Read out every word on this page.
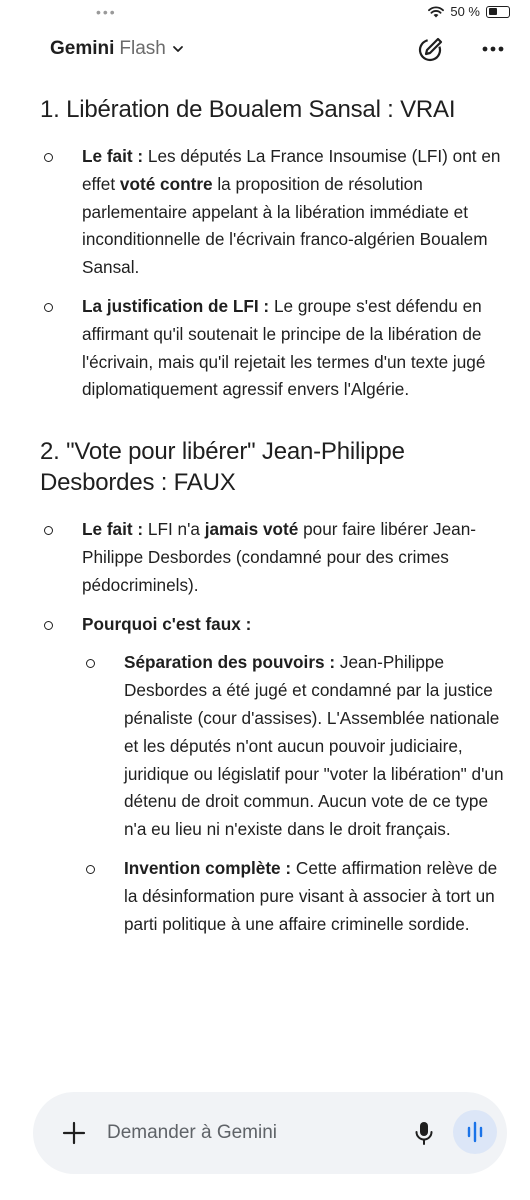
•••	50 %
Gemini Flash
1. Libération de Boualem Sansal : VRAI
Le fait : Les députés La France Insoumise (LFI) ont en effet voté contre la proposition de résolution parlementaire appelant à la libération immédiate et inconditionnelle de l'écrivain franco-algérien Boualem Sansal.
La justification de LFI : Le groupe s'est défendu en affirmant qu'il soutenait le principe de la libération de l'écrivain, mais qu'il rejetait les termes d'un texte jugé diplomatiquement agressif envers l'Algérie.
2. "Vote pour libérer" Jean-Philippe Desbordes : FAUX
Le fait : LFI n'a jamais voté pour faire libérer Jean-Philippe Desbordes (condamné pour des crimes pédocriminels).
Pourquoi c'est faux :
Séparation des pouvoirs : Jean-Philippe Desbordes a été jugé et condamné par la justice pénaliste (cour d'assises). L'Assemblée nationale et les députés n'ont aucun pouvoir judiciaire, juridique ou législatif pour "voter la libération" d'un détenu de droit commun. Aucun vote de ce type n'a eu lieu ni n'existe dans le droit français.
Invention complète : Cette affirmation relève de la désinformation pure visant à associer à tort un parti politique à une affaire criminelle sordide.
Demander à Gemini
